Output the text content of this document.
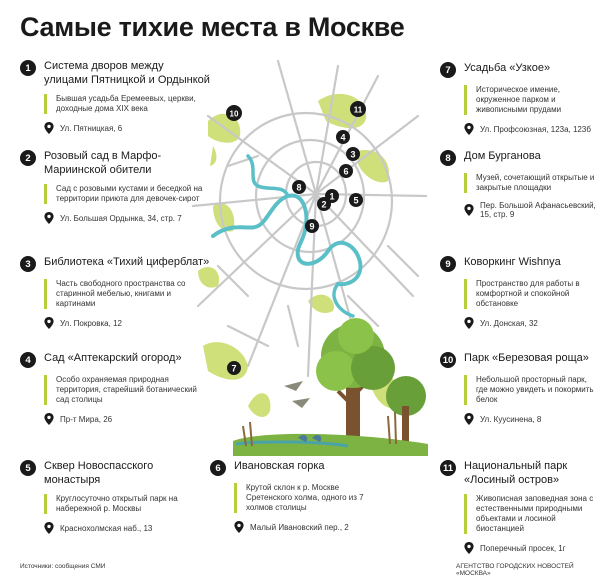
Самые тихие места в Москве
1	Система дворов между улицами Пятницкой и Ордынкой
Бывшая усадьба Еремеевых, церкви, доходные дома XIX века
Ул. Пятницкая, 6
2	Розовый сад в Марфо-Мариинской обители
Сад с розовыми кустами и беседкой на территории приюта для девочек-сирот
Ул. Большая Ордынка, 34, стр. 7
3	Библиотека «Тихий циферблат»
Часть свободного пространства со старинной мебелью, книгами и картинами
Ул. Покровка, 12
4	Сад «Аптекарский огород»
Особо охраняемая природная территория, старейший ботанический сад столицы
Пр-т Мира, 26
5	Сквер Новоспасского монастыря
Круглосуточно открытый парк на набережной р. Москвы
Краснохолмская наб., 13
6	Ивановская горка
Крутой склон к р. Москве Сретенского холма, одного из 7 холмов столицы
Малый Ивановский пер., 2
7	Усадьба «Узкое»
Историческое имение, окруженное парком и живописными прудами
Ул. Профсоюзная, 123а, 123б
8	Дом Бурганова
Музей, сочетающий открытые и закрытые площадки
Пер. Большой Афанасьевский, 15, стр. 9
9	Коворкинг Wishnya
Пространство для работы в комфортной и спокойной обстановке
Ул. Донская, 32
10 Парк «Березовая роща»
Небольшой просторный парк, где можно увидеть и покормить белок
Ул. Куусинена, 8
11 Национальный парк «Лосиный остров»
Живописная заповедная зона с естественными природными объектами и лосиной биостанцией
Поперечный просек, 1г
1
2
3
4
5
6
7
8
9
10	11
Источники: сообщения СМИ	АГЕНТСТВО ГОРОДСКИХ НОВОСТЕЙ «МОСКВА»
